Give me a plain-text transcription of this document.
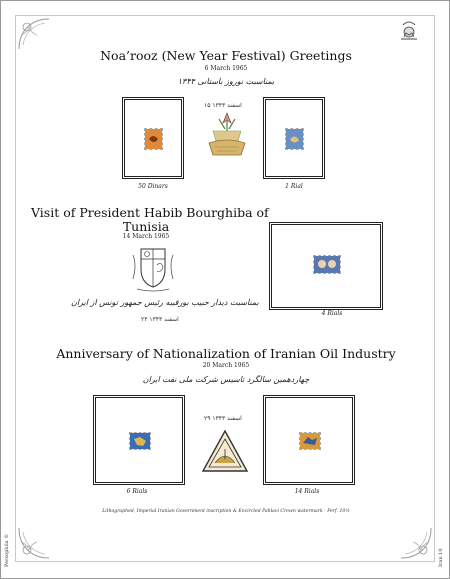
Noa’rooz (New Year Festival) Greetings
6 March 1965
بمناسبت نوروز باستانی ۱۳۴۴
۱۵ اسفند ۱۳۴۳
50 Dinars	1 Rial
Visit of President Habib Bourghiba of
Tunisia
14 March 1965
بمناسبت دیدار حبیب بورقیبه رئیس جمهور تونس از ایران
۲۳ اسفند ۱۳۴۳
4 Rials
Anniversary of Nationalization of Iranian Oil Industry
20 March 1965
چهاردهمین سالگرد تاسیس شرکت ملی نفت ایران
۲۹ اسفند ۱۳۴۳
6 Rials	14 Rials
Lithographed, Imperial Iranian Government inscription & Encircled Pahlavi Crown watermark - Perf. 10½
Persophila ©	Iran 10
